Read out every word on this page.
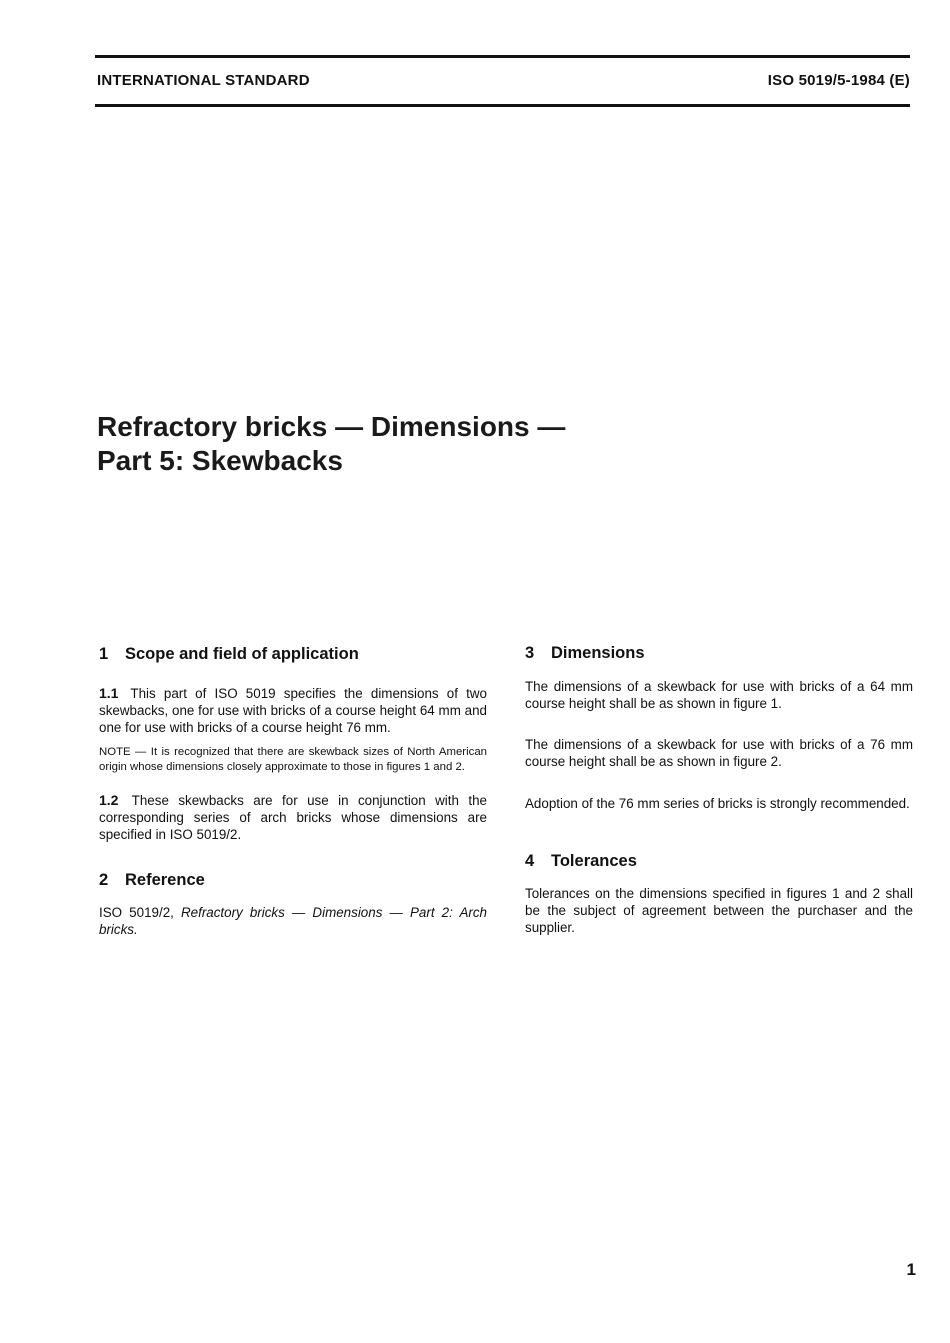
INTERNATIONAL STANDARD	ISO 5019/5-1984 (E)
Refractory bricks — Dimensions —
Part 5: Skewbacks
1 Scope and field of application

1.1 This part of ISO 5019 specifies the dimensions of two skewbacks, one for use with bricks of a course height 64 mm and one for use with bricks of a course height 76 mm.

NOTE — It is recognized that there are skewback sizes of North American origin whose dimensions closely approximate to those in figures 1 and 2.

1.2 These skewbacks are for use in conjunction with the corresponding series of arch bricks whose dimensions are specified in ISO 5019/2.

2 Reference

ISO 5019/2, Refractory bricks — Dimensions — Part 2: Arch bricks.

3 Dimensions

The dimensions of a skewback for use with bricks of a 64 mm course height shall be as shown in figure 1.

The dimensions of a skewback for use with bricks of a 76 mm course height shall be as shown in figure 2.

Adoption of the 76 mm series of bricks is strongly recommended.

4 Tolerances

Tolerances on the dimensions specified in figures 1 and 2 shall be the subject of agreement between the purchaser and the supplier.

1
